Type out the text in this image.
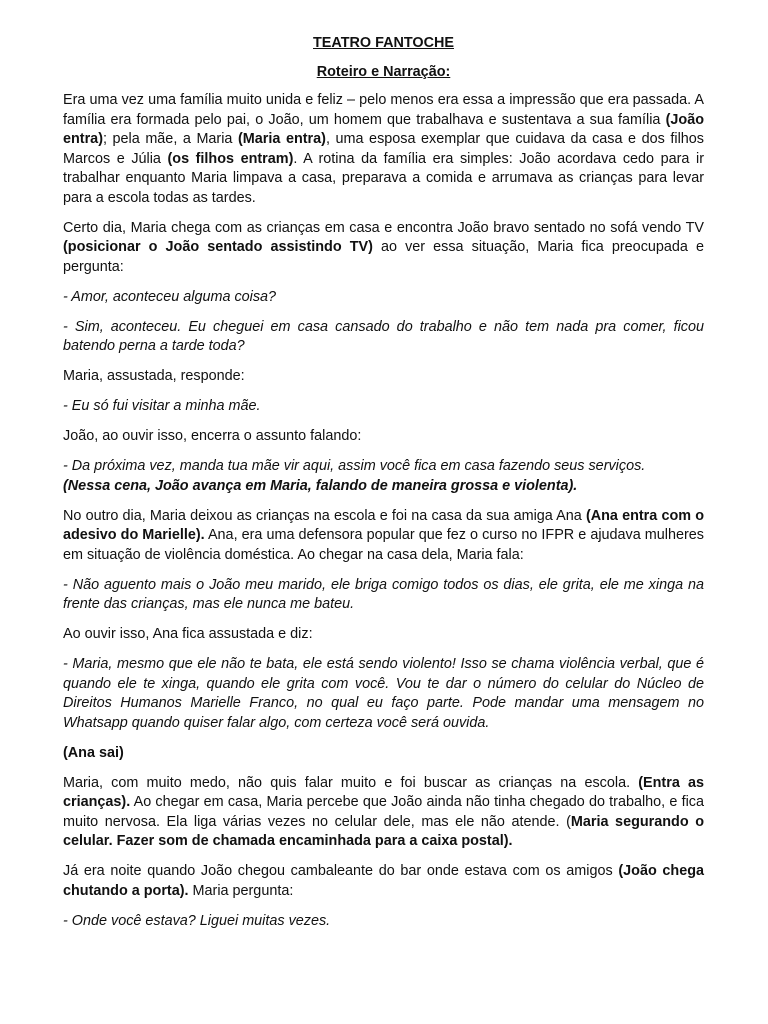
TEATRO FANTOCHE
Roteiro e Narração:

Era uma vez uma família muito unida e feliz – pelo menos era essa a impressão que era passada. A família era formada pelo pai, o João, um homem que trabalhava e sustentava a sua família (João entra); pela mãe, a Maria (Maria entra), uma esposa exemplar que cuidava da casa e dos filhos Marcos e Júlia (os filhos entram). A rotina da família era simples: João acordava cedo para ir trabalhar enquanto Maria limpava a casa, preparava a comida e arrumava as crianças para levar para a escola todas as tardes.

Certo dia, Maria chega com as crianças em casa e encontra João bravo sentado no sofá vendo TV (posicionar o João sentado assistindo TV) ao ver essa situação, Maria fica preocupada e pergunta:

- Amor, aconteceu alguma coisa?

- Sim, aconteceu. Eu cheguei em casa cansado do trabalho e não tem nada pra comer, ficou batendo perna a tarde toda?

Maria, assustada, responde:

- Eu só fui visitar a minha mãe.

João, ao ouvir isso, encerra o assunto falando:

- Da próxima vez, manda tua mãe vir aqui, assim você fica em casa fazendo seus serviços.
(Nessa cena, João avança em Maria, falando de maneira grossa e violenta).

No outro dia, Maria deixou as crianças na escola e foi na casa da sua amiga Ana (Ana entra com o adesivo do Marielle). Ana, era uma defensora popular que fez o curso no IFPR e ajudava mulheres em situação de violência doméstica. Ao chegar na casa dela, Maria fala:

- Não aguento mais o João meu marido, ele briga comigo todos os dias, ele grita, ele me xinga na frente das crianças, mas ele nunca me bateu.

Ao ouvir isso, Ana fica assustada e diz:

- Maria, mesmo que ele não te bata, ele está sendo violento! Isso se chama violência verbal, que é quando ele te xinga, quando ele grita com você. Vou te dar o número do celular do Núcleo de Direitos Humanos Marielle Franco, no qual eu faço parte. Pode mandar uma mensagem no Whatsapp quando quiser falar algo, com certeza você será ouvida.

(Ana sai)

Maria, com muito medo, não quis falar muito e foi buscar as crianças na escola. (Entra as crianças). Ao chegar em casa, Maria percebe que João ainda não tinha chegado do trabalho, e fica muito nervosa. Ela liga várias vezes no celular dele, mas ele não atende. (Maria segurando o celular. Fazer som de chamada encaminhada para a caixa postal).

Já era noite quando João chegou cambaleante do bar onde estava com os amigos (João chega chutando a porta). Maria pergunta:

- Onde você estava? Liguei muitas vezes.
